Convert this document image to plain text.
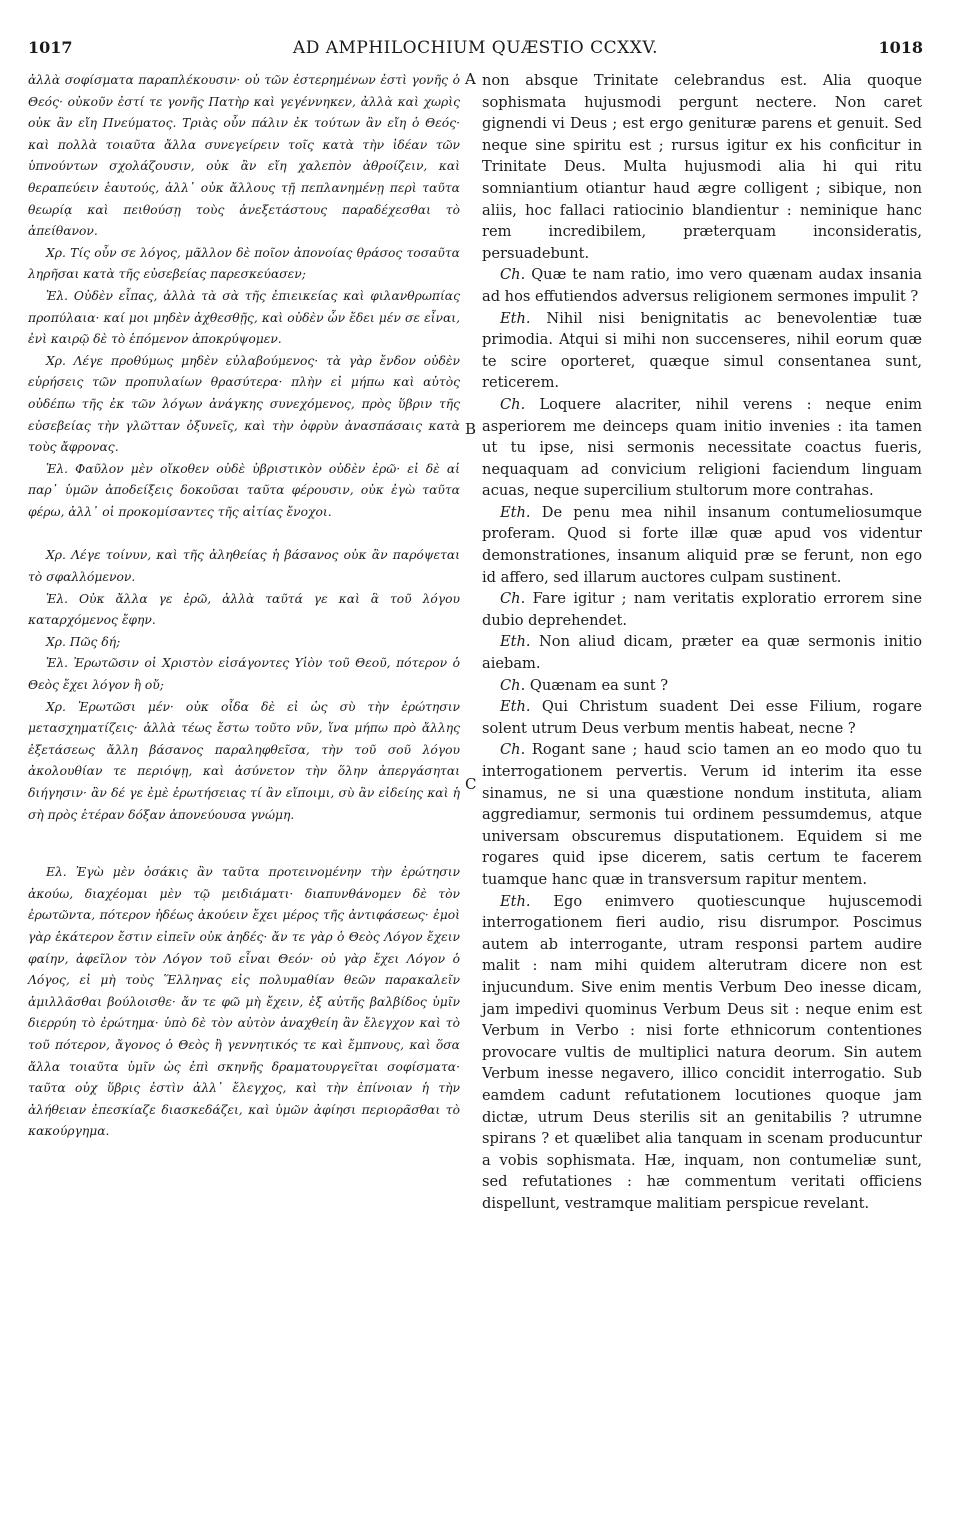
1017	AD AMPHILOCHIUM QUÆSTIO CCXXV.	1018
A
B
C

ἀλλὰ σοφίσματα παραπλέκουσιν· οὐ τῶν ἐστερημένων ἐστὶ γονῆς ὁ Θεός· οὐκοῦν ἐστί τε γονῆς Πατὴρ καὶ γεγέννηκεν, ἀλλὰ καὶ χωρὶς οὐκ ἂν εἴη Πνεύματος. Τριὰς οὖν πάλιν ἐκ τούτων ἂν εἴη ὁ Θεός· καὶ πολλὰ τοιαῦτα ἄλλα συνεγείρειν τοῖς κατὰ τὴν ἰδέαν τῶν ὑπνούντων σχολάζουσιν, οὐκ ἂν εἴη χαλεπὸν ἀθροίζειν, καὶ θεραπεύειν ἑαυτούς, ἀλλ᾽ οὐκ ἄλλους τῇ πεπλανημένῃ περὶ ταῦτα θεωρίᾳ καὶ πειθούσῃ τοὺς ἀνεξετάστους παραδέχεσθαι τὸ ἀπείθανον.

Χρ. Τίς οὖν σε λόγος, μᾶλλον δὲ ποῖον ἀπονοίας θράσος τοσαῦτα ληρῆσαι κατὰ τῆς εὐσεβείας παρεσκεύασεν;

Ἑλ. Οὐδὲν εἶπας, ἀλλὰ τὰ σὰ τῆς ἐπιεικείας καὶ φιλανθρωπίας προπύλαια· καί μοι μηδὲν ἀχθεσθῇς, καὶ οὐδὲν ὧν ἔδει μέν σε εἶναι, ἐνὶ καιρῷ δὲ τὸ ἑπόμενον ἀποκρύψομεν.

Χρ. Λέγε προθύμως μηδὲν εὐλαβούμενος· τὰ γὰρ ἔνδον οὐδὲν εὑρήσεις τῶν προπυλαίων θρασύτερα· πλὴν εἰ μήπω καὶ αὐτὸς οὐδέπω τῆς ἐκ τῶν λόγων ἀνάγκης συνεχόμενος, πρὸς ὕβριν τῆς εὐσεβείας τὴν γλῶτταν ὀξυνεῖς, καὶ τὴν ὀφρὺν ἀνασπάσαις κατὰ τοὺς ἄφρονας.

Ἑλ. Φαῦλον μὲν οἴκοθεν οὐδὲ ὑβριστικὸν οὐδὲν ἐρῶ· εἰ δὲ αἱ παρ᾽ ὑμῶν ἀποδείξεις δοκοῦσαι ταῦτα φέρουσιν, οὐκ ἐγὼ ταῦτα φέρω, ἀλλ᾽ οἱ προκομίσαντες τῆς αἰτίας ἔνοχοι.

Χρ. Λέγε τοίνυν, καὶ τῆς ἀληθείας ἡ βάσανος οὐκ ἂν παρόψεται τὸ σφαλλόμενον.

Ἑλ. Οὐκ ἄλλα γε ἐρῶ, ἀλλὰ ταῦτά γε καὶ ἃ τοῦ λόγου καταρχόμενος ἔφην.

Χρ. Πῶς δή;

Ἑλ. Ἐρωτῶσιν οἱ Χριστὸν εἰσάγοντες Υἱὸν τοῦ Θεοῦ, πότερον ὁ Θεὸς ἔχει λόγον ἢ οὔ;

Χρ. Ἐρωτῶσι μέν· οὐκ οἶδα δὲ εἰ ὡς σὺ τὴν ἐρώτησιν μετασχηματίζεις· ἀλλὰ τέως ἔστω τοῦτο νῦν, ἵνα μήπω πρὸ ἄλλης ἐξετάσεως ἄλλη βάσανος παραληφθεῖσα, τὴν τοῦ σοῦ λόγου ἀκολουθίαν τε περιόψῃ, καὶ ἀσύνετον τὴν ὅλην ἀπεργάσηται διήγησιν· ἂν δέ γε ἐμὲ ἐρωτήσειας τί ἂν εἴποιμι, σὺ ἂν εἰδείης καὶ ἡ σὴ πρὸς ἑτέραν δόξαν ἀπονεύουσα γνώμη.

Ελ. Ἐγὼ μὲν ὁσάκις ἂν ταῦτα προτεινομένην τὴν ἐρώτησιν ἀκούω, διαχέομαι μὲν τῷ μειδιάματι· διαπυνθάνομεν δὲ τὸν ἐρωτῶντα, πότερον ἡδέως ἀκούειν ἔχει μέρος τῆς ἀντιφάσεως· ἐμοὶ γὰρ ἑκάτερον ἔστιν εἰπεῖν οὐκ ἀηδές· ἄν τε γὰρ ὁ Θεὸς Λόγον ἔχειν φαίην, ἀφεῖλον τὸν Λόγον τοῦ εἶναι Θεόν· οὐ γὰρ ἔχει Λόγον ὁ Λόγος, εἰ μὴ τοὺς Ἕλληνας εἰς πολυμαθίαν θεῶν παρακαλεῖν ἁμιλλᾶσθαι βούλοισθε· ἄν τε φῶ μὴ ἔχειν, ἐξ αὐτῆς βαλβίδος ὑμῖν διερρύη τὸ ἐρώτημα· ὑπὸ δὲ τὸν αὐτὸν ἀναχθείη ἂν ἔλεγχον καὶ τὸ τοῦ πότερον, ἄγονος ὁ Θεὸς ἢ γεννητικός τε καὶ ἔμπνους, καὶ ὅσα ἄλλα τοιαῦτα ὑμῖν ὡς ἐπὶ σκηνῆς δραματουργεῖται σοφίσματα· ταῦτα οὐχ ὕβρις ἐστὶν ἀλλ᾽ ἔλεγχος, καὶ τὴν ἐπίνοιαν ἡ τὴν ἀλήθειαν ἐπεσκίαζε διασκεδάζει, καὶ ὑμῶν ἀφίησι περιορᾶσθαι τὸ κακούργημα.

non absque Trinitate celebrandus est. Alia quoque sophismata hujusmodi pergunt nectere. Non caret gignendi vi Deus ; est ergo genituræ parens et genuit. Sed neque sine spiritu est ; rursus igitur ex his conficitur in Trinitate Deus. Multa hujusmodi alia hi qui ritu somniantium otiantur haud ægre colligent ; sibique, non aliis, hoc fallaci ratiocinio blandientur : neminique hanc rem incredibilem, præterquam inconsideratis, persuadebunt.

Ch. Quæ te nam ratio, imo vero quænam audax insania ad hos effutiendos adversus religionem sermones impulit ?

Eth. Nihil nisi benignitatis ac benevolentiæ tuæ primodia. Atqui si mihi non succenseres, nihil eorum quæ te scire oporteret, quæque simul consentanea sunt, reticerem.

Ch. Loquere alacriter, nihil verens : neque enim asperiorem me deinceps quam initio invenies : ita tamen ut tu ipse, nisi sermonis necessitate coactus fueris, nequaquam ad convicium religioni faciendum linguam acuas, neque supercilium stultorum more contrahas.

Eth. De penu mea nihil insanum contumeliosumque proferam. Quod si forte illæ quæ apud vos videntur demonstrationes, insanum aliquid præ se ferunt, non ego id affero, sed illarum auctores culpam sustinent.

Ch. Fare igitur ; nam veritatis exploratio errorem sine dubio deprehendet.

Eth. Non aliud dicam, præter ea quæ sermonis initio aiebam.

Ch. Quænam ea sunt ?

Eth. Qui Christum suadent Dei esse Filium, rogare solent utrum Deus verbum mentis habeat, necne ?

Ch. Rogant sane ; haud scio tamen an eo modo quo tu interrogationem pervertis. Verum id interim ita esse sinamus, ne si una quæstione nondum instituta, aliam aggrediamur, sermonis tui ordinem pessumdemus, atque universam obscuremus disputationem. Equidem si me rogares quid ipse dicerem, satis certum te facerem tuamque hanc quæ in transversum rapitur mentem.

Eth. Ego enimvero quotiescunque hujuscemodi interrogationem fieri audio, risu disrumpor. Poscimus autem ab interrogante, utram responsi partem audire malit : nam mihi quidem alterutram dicere non est injucundum. Sive enim mentis Verbum Deo inesse dicam, jam impedivi quominus Verbum Deus sit : neque enim est Verbum in Verbo : nisi forte ethnicorum contentiones provocare vultis de multiplici natura deorum. Sin autem Verbum inesse negavero, illico concidit interrogatio. Sub eamdem cadunt refutationem locutiones quoque jam dictæ, utrum Deus sterilis sit an genitabilis ? utrumne spirans ? et quælibet alia tanquam in scenam producuntur a vobis sophismata. Hæ, inquam, non contumeliæ sunt, sed refutationes : hæ commentum veritati officiens dispellunt, vestramque malitiam perspicue revelant.
